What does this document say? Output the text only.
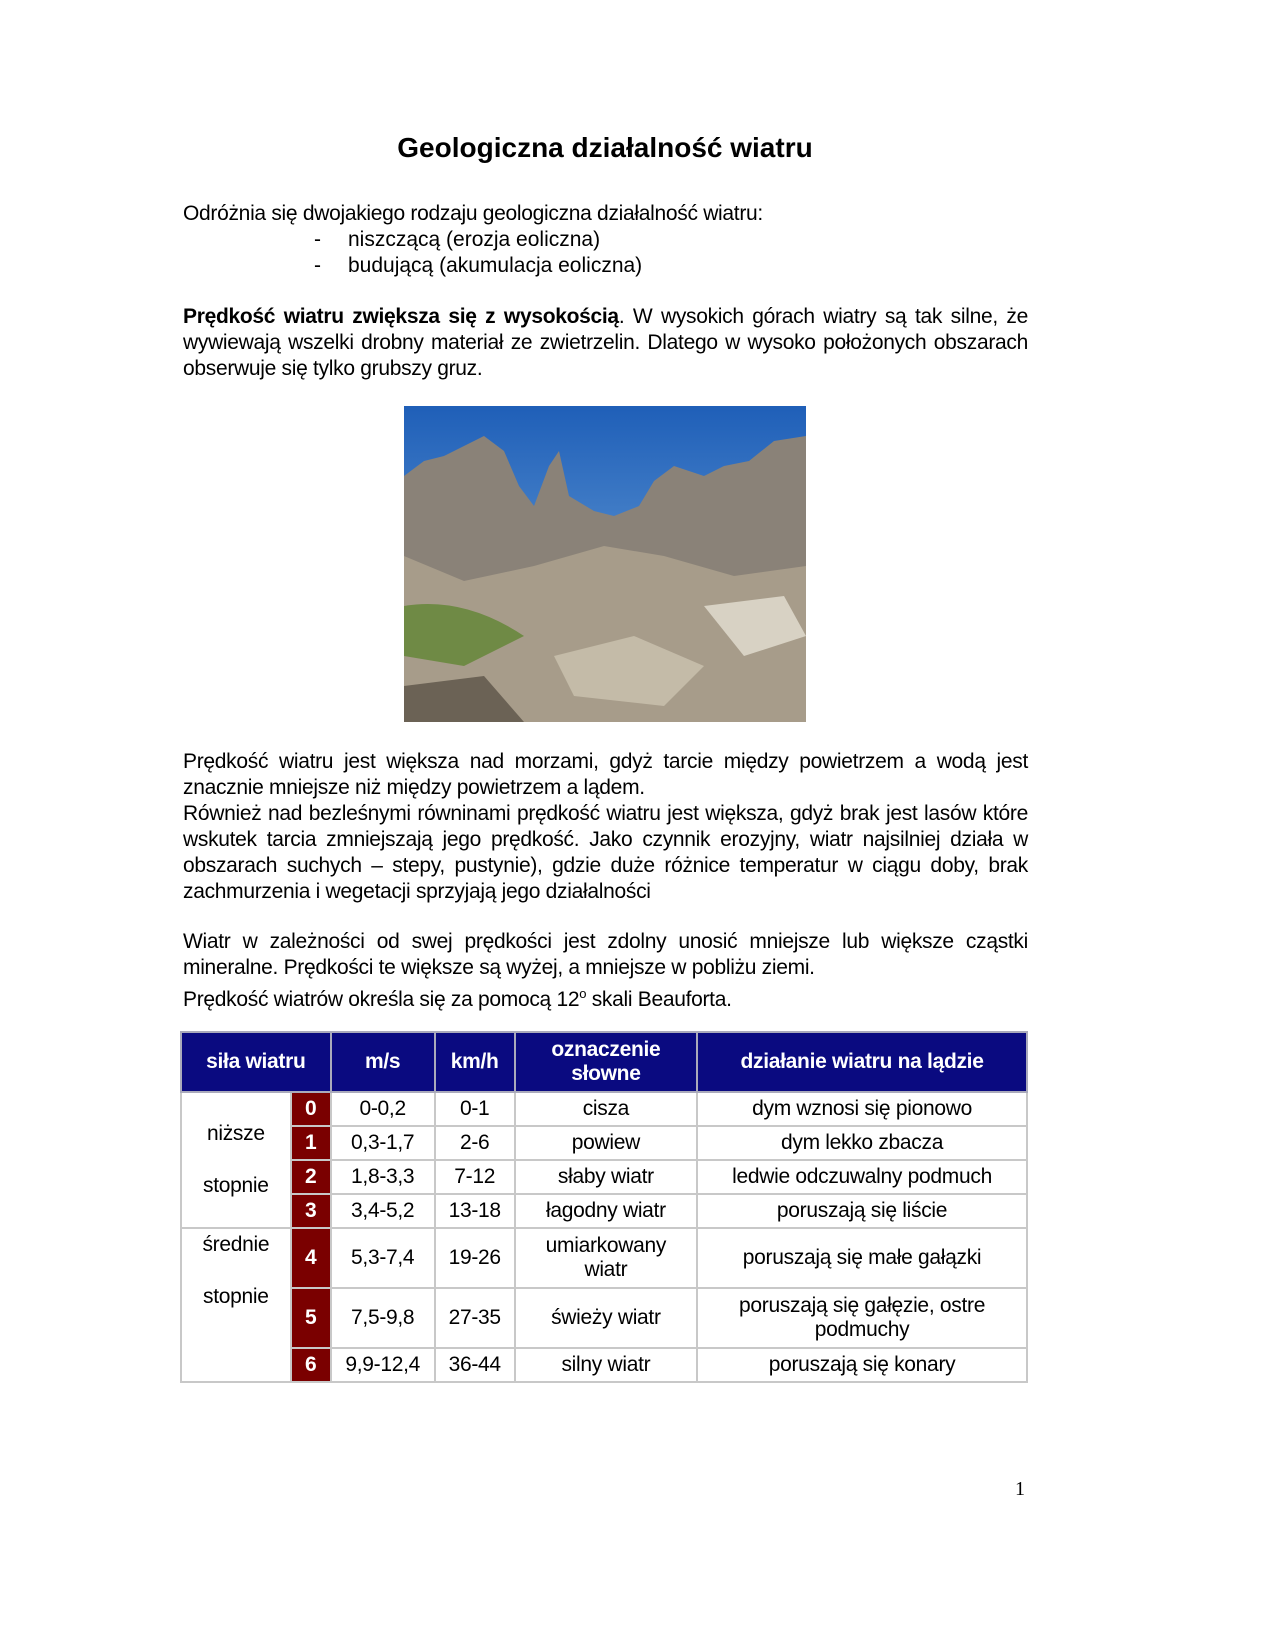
Geologiczna działalność wiatru
Odróżnia się dwojakiego rodzaju geologiczna działalność wiatru:
- niszczącą (erozja eoliczna)
- budującą (akumulacja eoliczna)
Prędkość wiatru zwiększa się z wysokością. W wysokich górach wiatry są tak silne, że wywiewają wszelki drobny materiał ze zwietrzelin. Dlatego w wysoko położonych obszarach obserwuje się tylko grubszy gruz.
Prędkość wiatru jest większa nad morzami, gdyż tarcie między powietrzem a wodą jest znacznie mniejsze niż między powietrzem a lądem.
Również nad bezleśnymi równinami prędkość wiatru jest większa, gdyż brak jest lasów które wskutek tarcia zmniejszają jego prędkość. Jako czynnik erozyjny, wiatr najsilniej działa w obszarach suchych – stepy, pustynie), gdzie duże różnice temperatur w ciągu doby, brak zachmurzenia i wegetacji sprzyjają jego działalności
Wiatr w zależności od swej prędkości jest zdolny unosić mniejsze lub większe cząstki mineralne. Prędkości te większe są wyżej, a mniejsze w pobliżu ziemi.
Prędkość wiatrów określa się za pomocą 12$^o$ skali Beauforta.
siła wiatru		m/s	km/h	oznaczenie słowne	działanie wiatru na lądzie

niższe
stopnie	0	0-0,2	0-1	cisza	dym wznosi się pionowo
	1	0,3-1,7	2-6	powiew	dym lekko zbacza
	2	1,8-3,3	7-12	słaby wiatr	ledwie odczuwalny podmuch
	3	3,4-5,2	13-18	łagodny wiatr	poruszają się liście

średnie
stopnie	4	5,3-7,4	19-26	umiarkowany wiatr	poruszają się małe gałązki
	5	7,5-9,8	27-35	świeży wiatr	poruszają się gałęzie, ostre podmuchy
	6	9,9-12,4	36-44	silny wiatr	poruszają się konary
1
